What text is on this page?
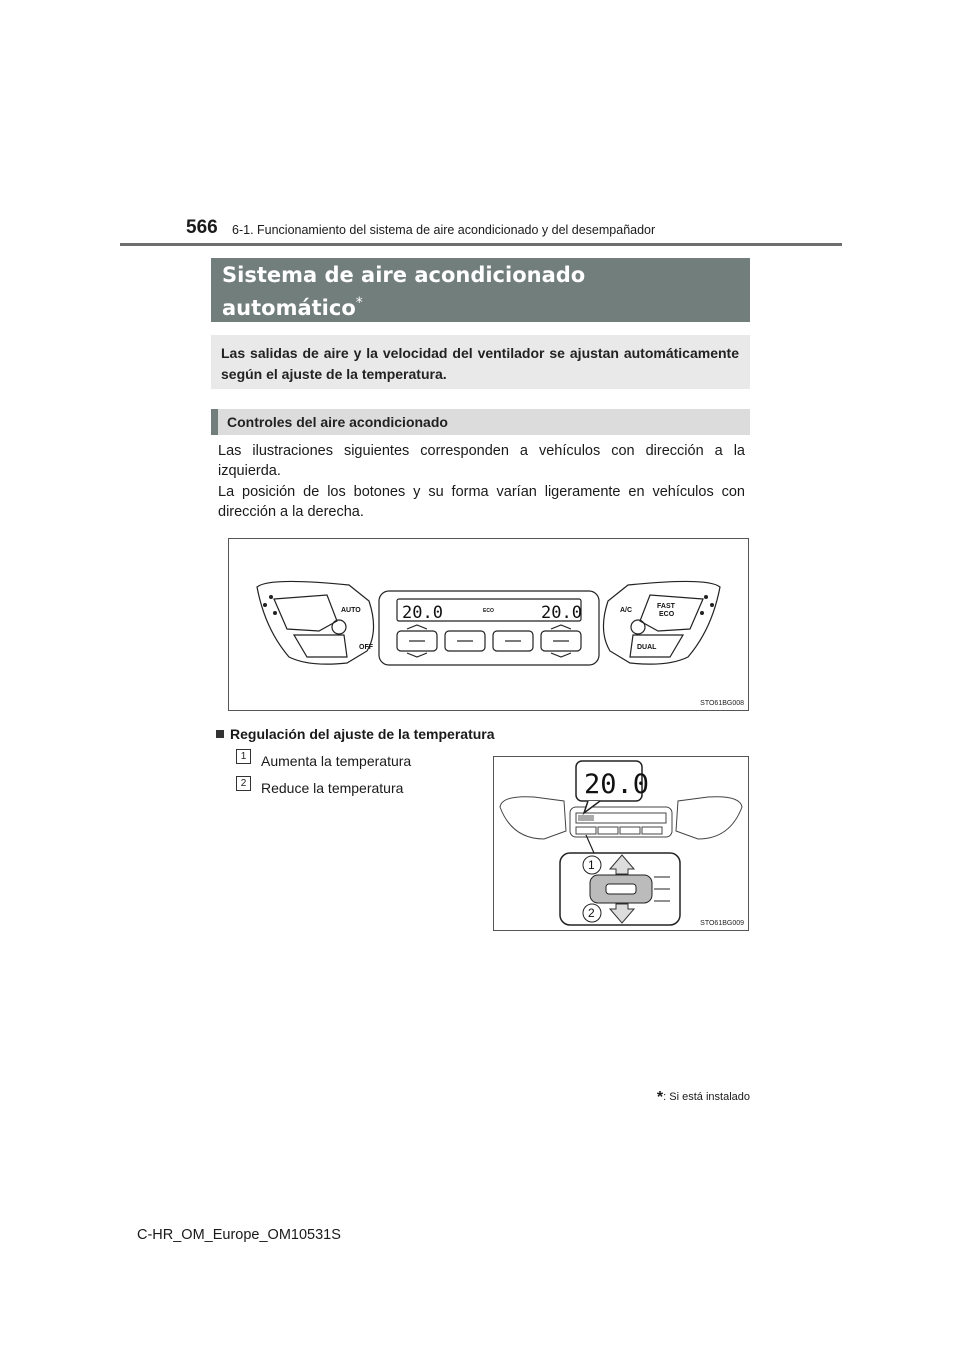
566 6-1. Funcionamiento del sistema de aire acondicionado y del desempañador
Sistema de aire acondicionado
automático*
Las salidas de aire y la velocidad del ventilador se ajustan automáticamente según el ajuste de la temperatura.
Controles del aire acondicionado
Las ilustraciones siguientes corresponden a vehículos con dirección a la izquierda.
La posición de los botones y su forma varían ligeramente en vehículos con dirección a la derecha.
20.0	20.0
AUTO
OFF
ECO	A/C
FAST
ECO
DUAL
STO61BG008
Regulación del ajuste de la temperatura
1	Aumenta la temperatura
2	Reduce la temperatura	20.0
1
2
STO61BG009
*: Si está instalado
C-HR_OM_Europe_OM10531S
